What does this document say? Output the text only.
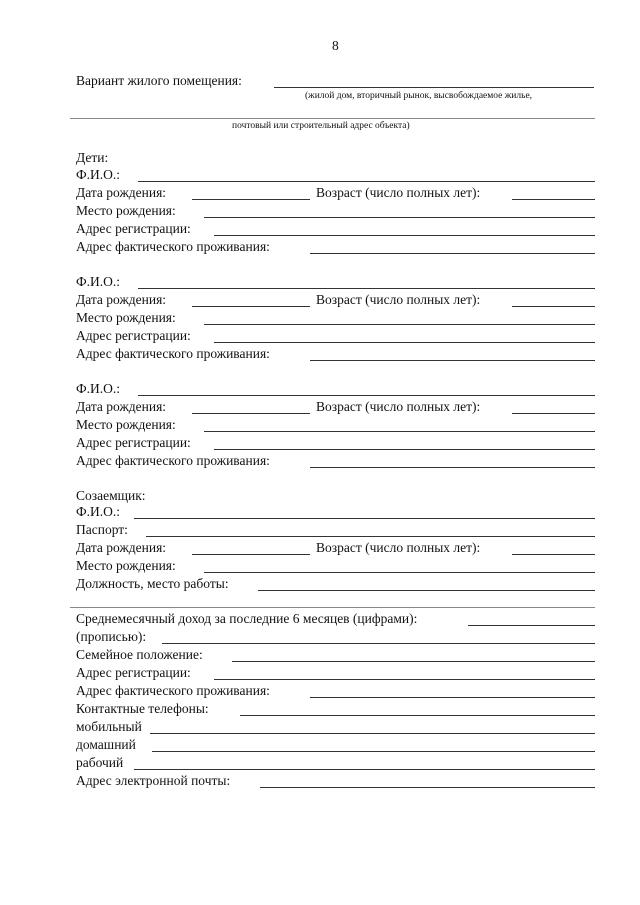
8
Вариант жилого помещения:
(жилой дом, вторичный рынок, высвобождаемое жилье,
почтовый или строительный адрес объекта)
Дети:
Ф.И.О.:
Дата рождения:	Возраст (число полных лет):
Место рождения:
Адрес регистрации:
Адрес фактического проживания:
Ф.И.О.:
Дата рождения:	Возраст (число полных лет):
Место рождения:
Адрес регистрации:
Адрес фактического проживания:
Ф.И.О.:
Дата рождения:	Возраст (число полных лет):
Место рождения:
Адрес регистрации:
Адрес фактического проживания:
Созаемщик:
Ф.И.О.:
Паспорт:
Дата рождения:	Возраст (число полных лет):
Место рождения:
Должность, место работы:
Среднемесячный доход за последние 6 месяцев (цифрами):
(прописью):
Семейное положение:
Адрес регистрации:
Адрес фактического проживания:
Контактные телефоны:
мобильный
домашний
рабочий
Адрес электронной почты:
